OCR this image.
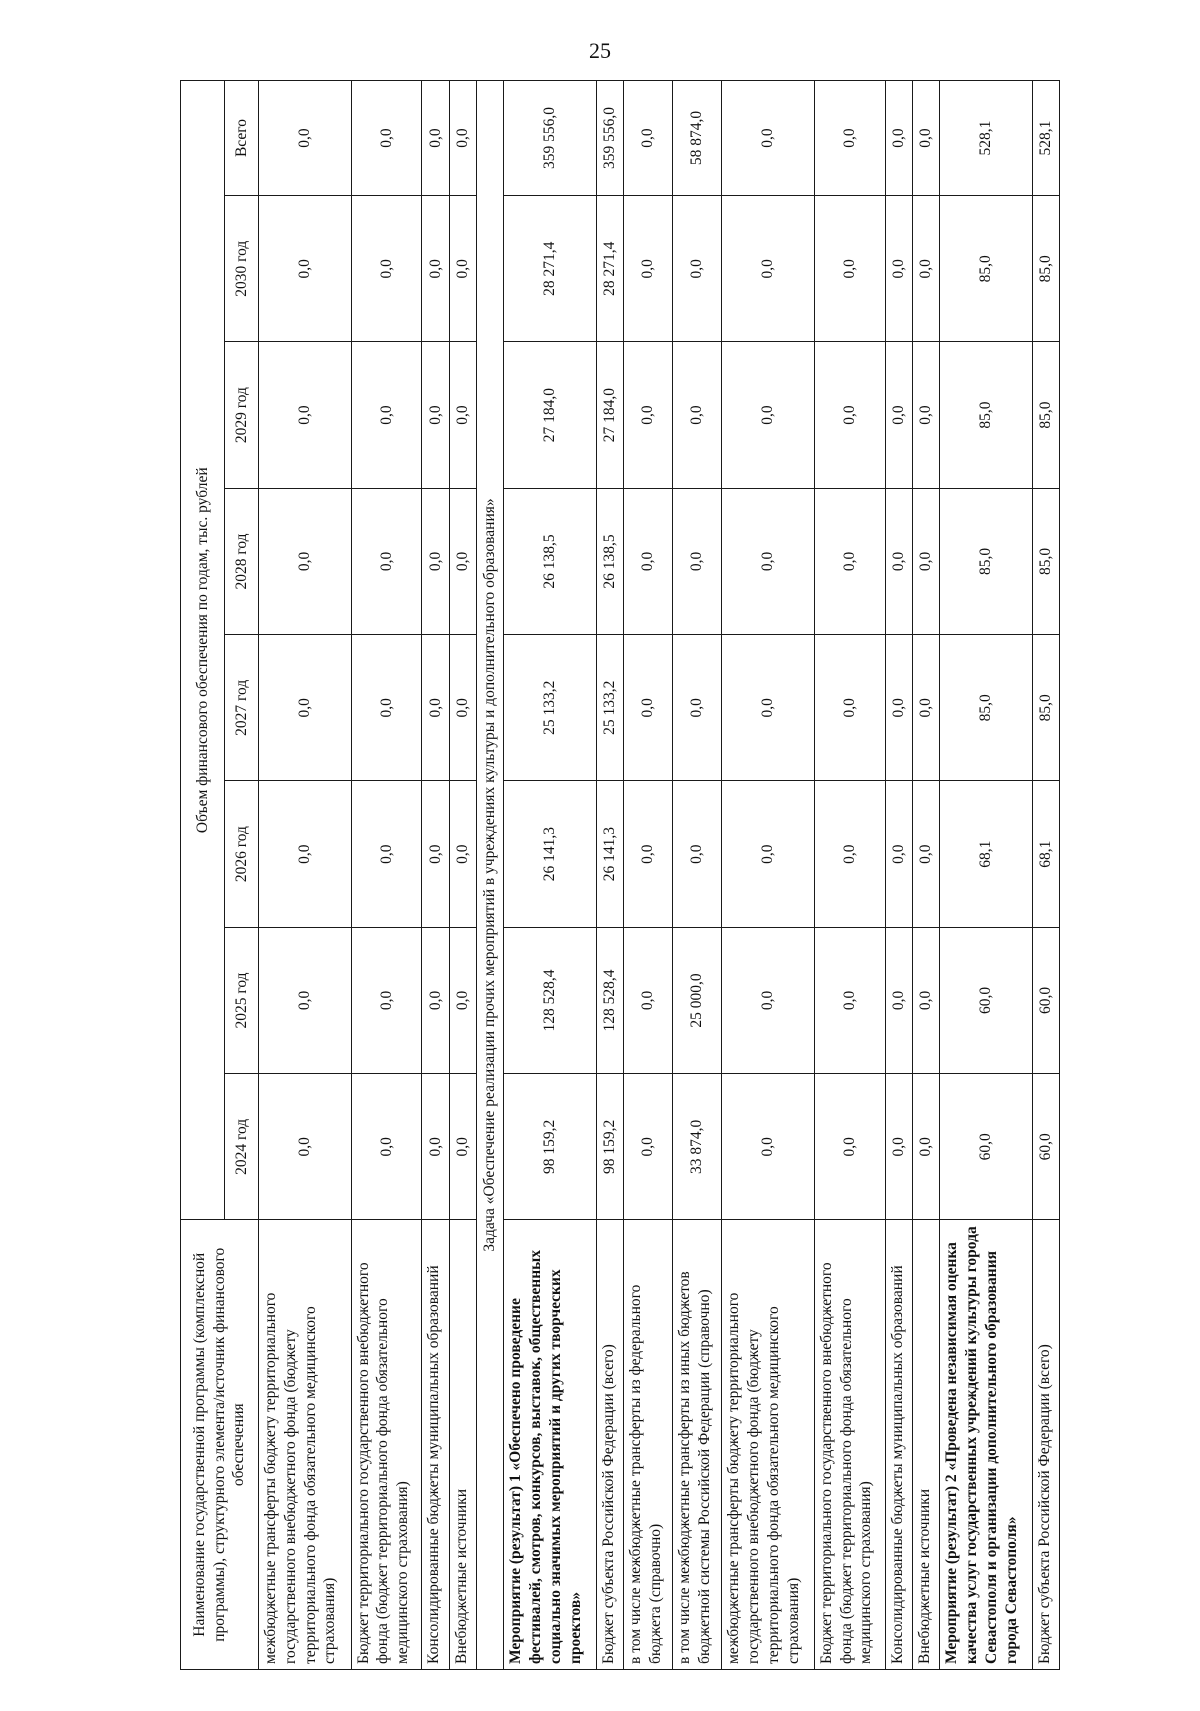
25
Наименование государственной программы (комплексной программы), структурного элемента/источник финансового обеспечения	Объем финансового обеспечения по годам, тыс. рублей							
	2024 год	2025 год	2026 год	2027 год	2028 год	2029 год	2030 год	Всего
межбюджетные трансферты бюджету территориального государственного внебюджетного фонда (бюджету территориального фонда обязательного медицинского страхования)	0,0	0,0	0,0	0,0	0,0	0,0	0,0	0,0
Бюджет территориального государственного внебюджетного фонда (бюджет территориального фонда обязательного медицинского страхования)	0,0	0,0	0,0	0,0	0,0	0,0	0,0	0,0
Консолидированные бюджеты муниципальных образований	0,0	0,0	0,0	0,0	0,0	0,0	0,0	0,0
Внебюджетные источники	0,0	0,0	0,0	0,0	0,0	0,0	0,0	0,0
Задача «Обеспечение реализации прочих мероприятий в учреждениях культуры и дополнительного образования»								
Мероприятие (результат) 1 «Обеспечено проведение фестивалей, смотров, конкурсов, выставок, общественных социально значимых мероприятий и других творческих проектов»	98 159,2	128 528,4	26 141,3	25 133,2	26 138,5	27 184,0	28 271,4	359 556,0
Бюджет субъекта Российской Федерации (всего)	98 159,2	128 528,4	26 141,3	25 133,2	26 138,5	27 184,0	28 271,4	359 556,0
в том числе межбюджетные трансферты из федерального бюджета (справочно)	0,0	0,0	0,0	0,0	0,0	0,0	0,0	0,0
в том числе межбюджетные трансферты из иных бюджетов бюджетной системы Российской Федерации (справочно)	33 874,0	25 000,0	0,0	0,0	0,0	0,0	0,0	58 874,0
межбюджетные трансферты бюджету территориального государственного внебюджетного фонда (бюджету территориального фонда обязательного медицинского страхования)	0,0	0,0	0,0	0,0	0,0	0,0	0,0	0,0
Бюджет территориального государственного внебюджетного фонда (бюджет территориального фонда обязательного медицинского страхования)	0,0	0,0	0,0	0,0	0,0	0,0	0,0	0,0
Консолидированные бюджеты муниципальных образований	0,0	0,0	0,0	0,0	0,0	0,0	0,0	0,0
Внебюджетные источники	0,0	0,0	0,0	0,0	0,0	0,0	0,0	0,0
Мероприятие (результат) 2 «Проведена независимая оценка качества услуг государственных учреждений культуры города Севастополя и организации дополнительного образования города Севастополя»	60,0	60,0	68,1	85,0	85,0	85,0	85,0	528,1
Бюджет субъекта Российской Федерации (всего)	60,0	60,0	68,1	85,0	85,0	85,0	85,0	528,1
